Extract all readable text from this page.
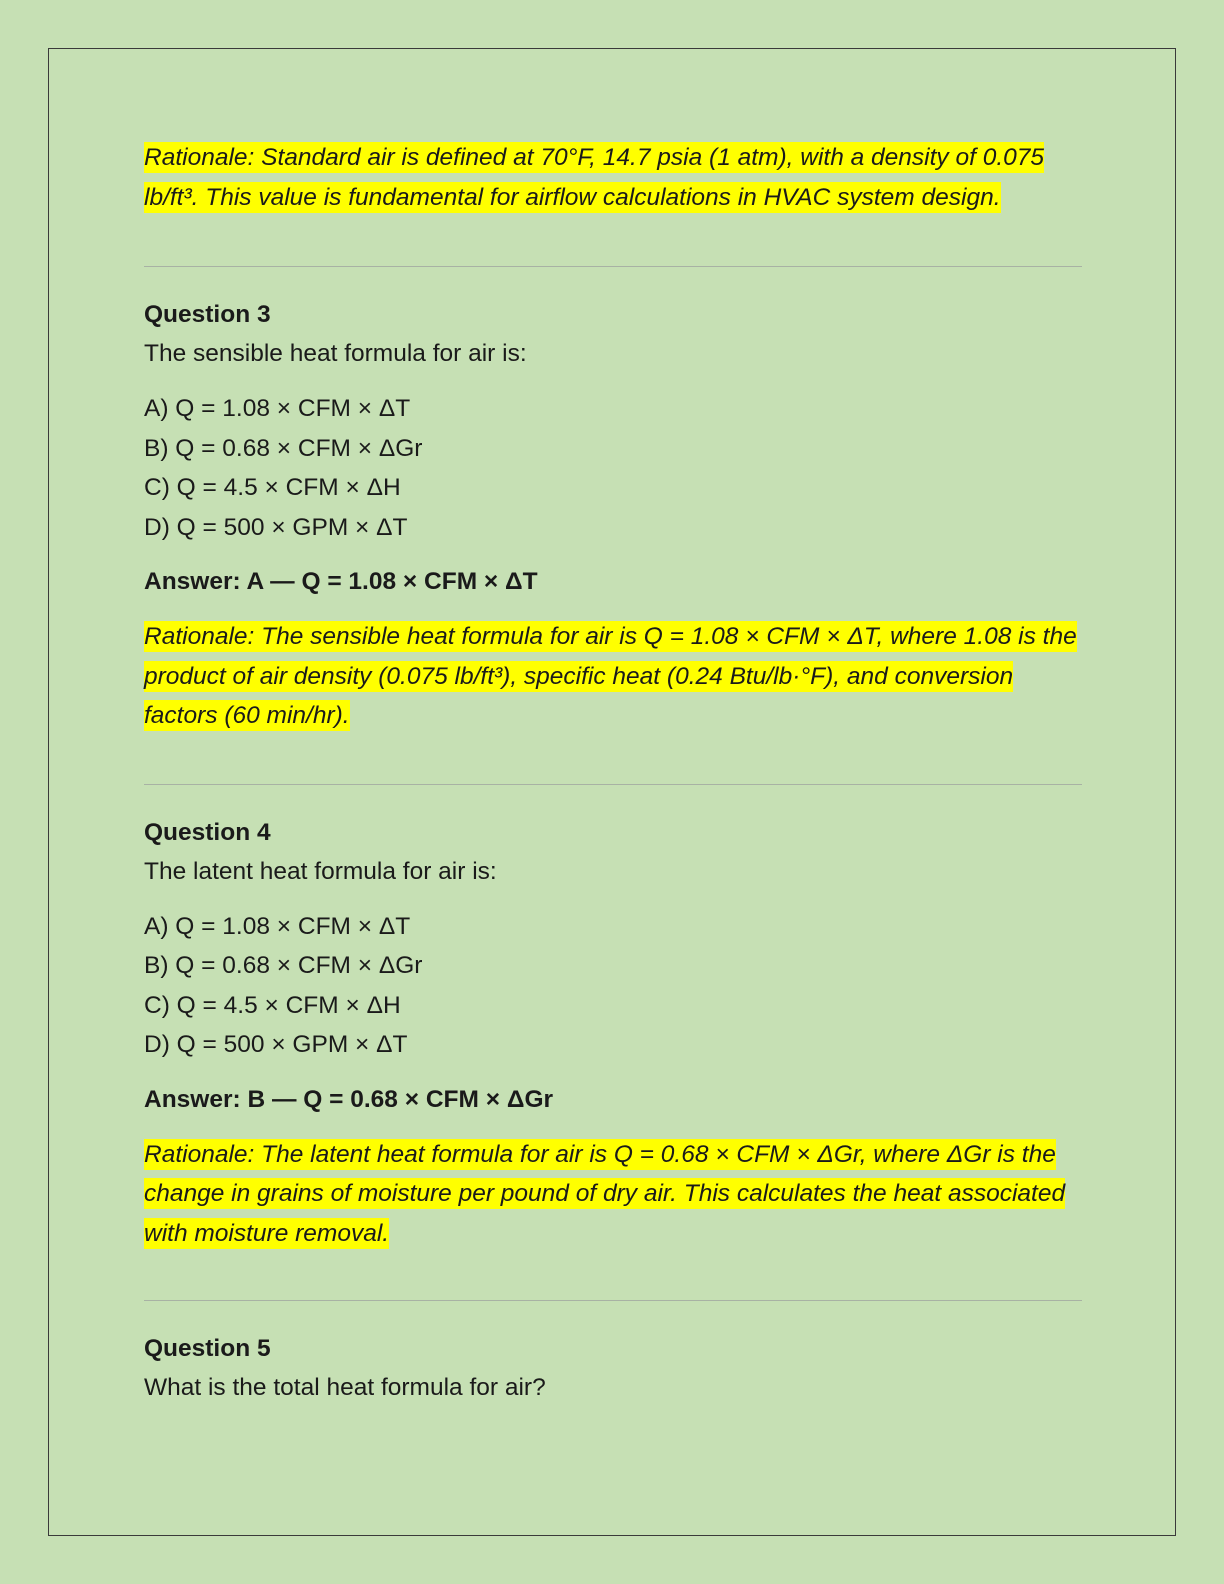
Rationale: Standard air is defined at 70°F, 14.7 psia (1 atm), with a density of 0.075 lb/ft³. This value is fundamental for airflow calculations in HVAC system design.

Question 3

The sensible heat formula for air is:

A) Q = 1.08 × CFM × ΔT
B) Q = 0.68 × CFM × ΔGr
C) Q = 4.5 × CFM × ΔH
D) Q = 500 × GPM × ΔT

Answer: A — Q = 1.08 × CFM × ΔT

Rationale: The sensible heat formula for air is Q = 1.08 × CFM × ΔT, where 1.08 is the product of air density (0.075 lb/ft³), specific heat (0.24 Btu/lb·°F), and conversion factors (60 min/hr).

Question 4

The latent heat formula for air is:

A) Q = 1.08 × CFM × ΔT
B) Q = 0.68 × CFM × ΔGr
C) Q = 4.5 × CFM × ΔH
D) Q = 500 × GPM × ΔT

Answer: B — Q = 0.68 × CFM × ΔGr

Rationale: The latent heat formula for air is Q = 0.68 × CFM × ΔGr, where ΔGr is the change in grains of moisture per pound of dry air. This calculates the heat associated with moisture removal.

Question 5

What is the total heat formula for air?
